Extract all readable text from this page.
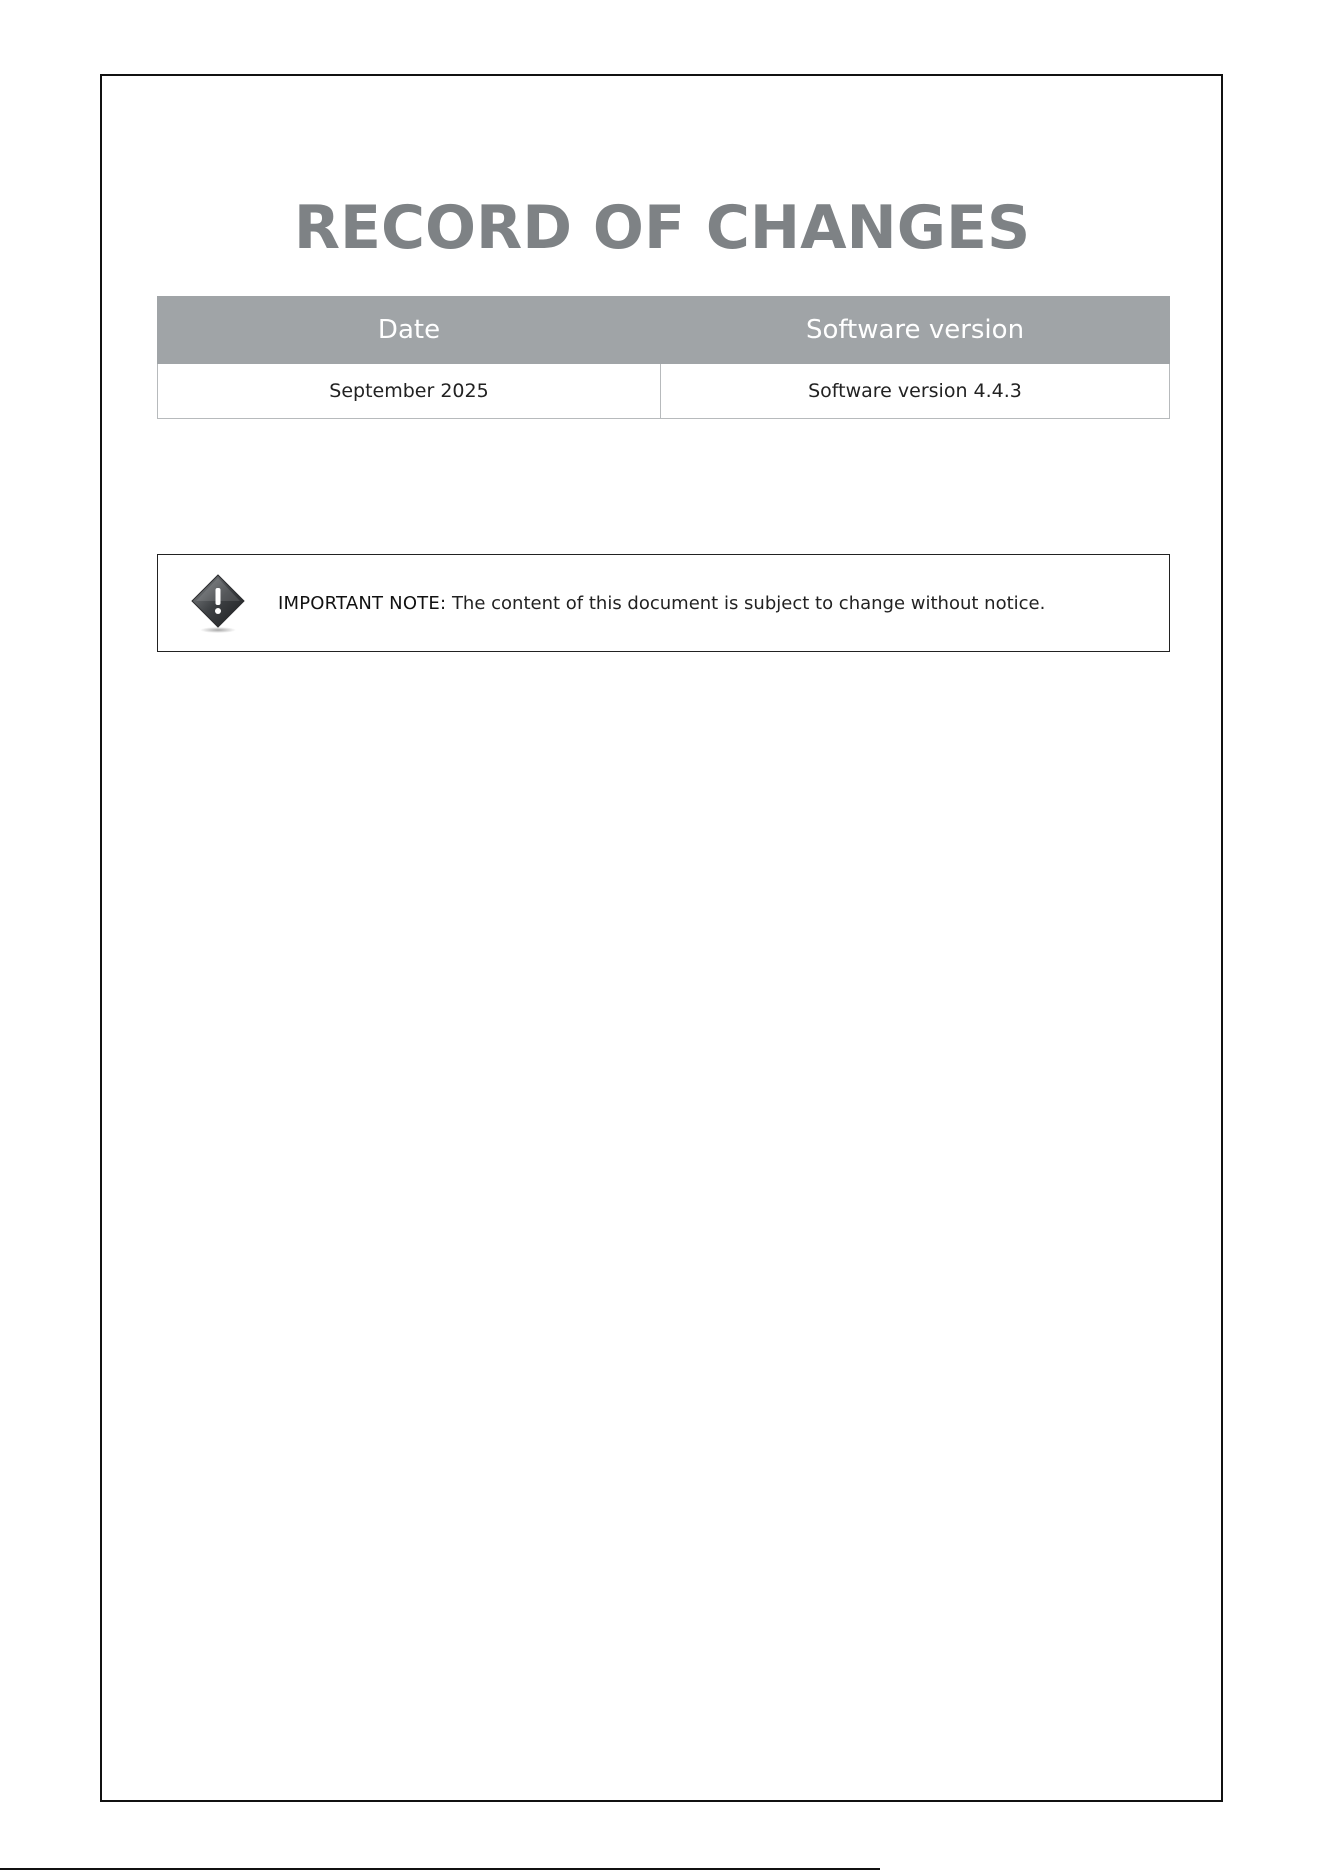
RECORD OF CHANGES
Date	Software version
September 2025	Software version 4.4.3
IMPORTANT NOTE: The content of this document is subject to change without notice.
